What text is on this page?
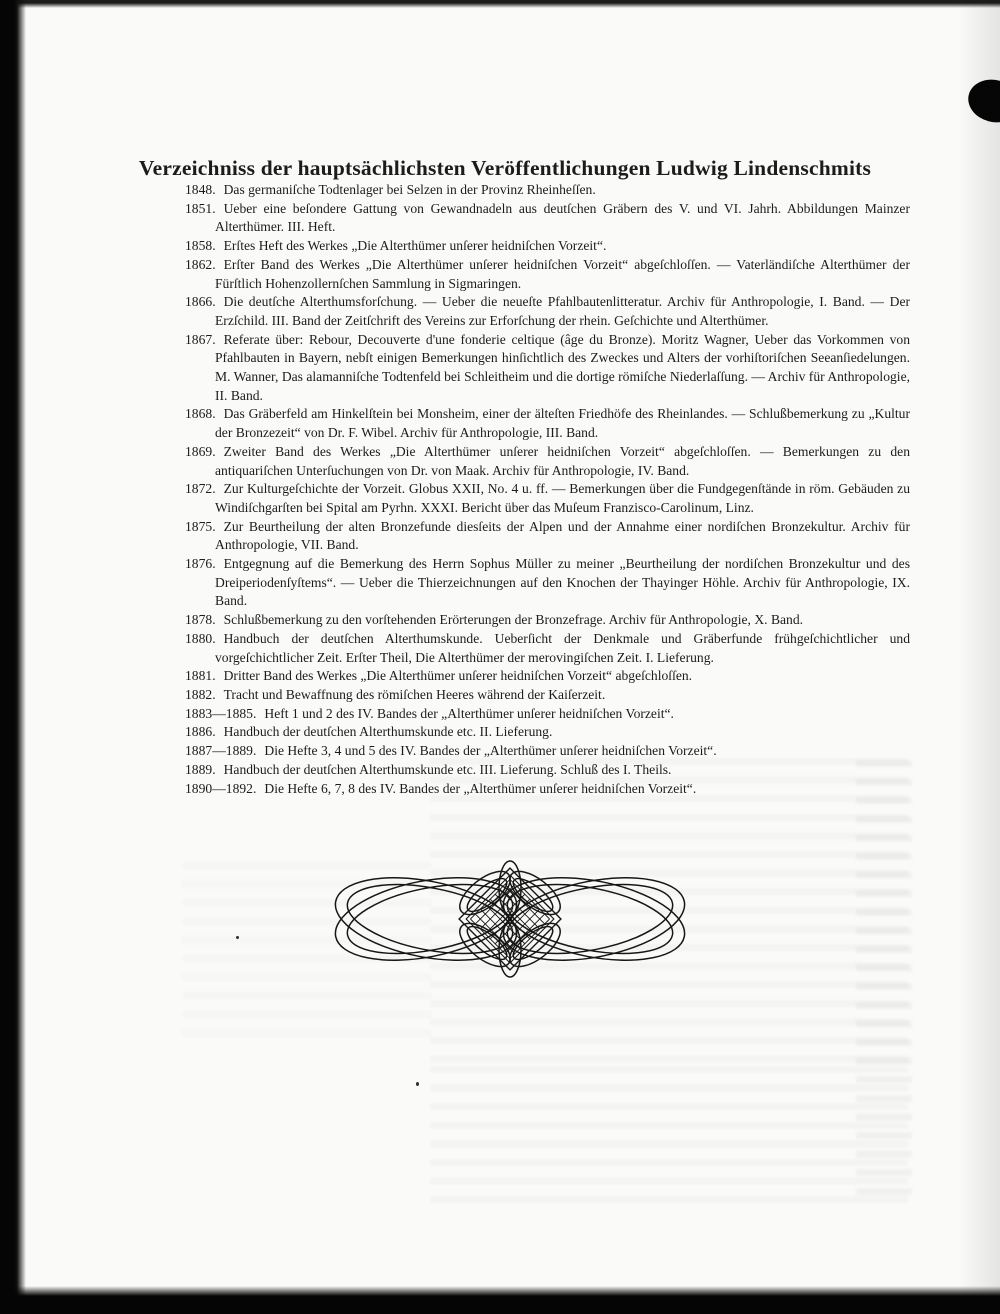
Verzeichniss der hauptsächlichsten Veröffentlichungen Ludwig Lindenschmits
1848. Das germaniſche Todtenlager bei Selzen in der Provinz Rheinheſſen.
1851. Ueber eine beſondere Gattung von Gewandnadeln aus deutſchen Gräbern des V. und VI. Jahrh. Abbildungen Mainzer Alterthümer. III. Heft.
1858. Erſtes Heft des Werkes „Die Alterthümer unſerer heidniſchen Vorzeit“.
1862. Erſter Band des Werkes „Die Alterthümer unſerer heidniſchen Vorzeit“ abgeſchloſſen. — Vaterländiſche Alterthümer der Fürſtlich Hohenzollernſchen Sammlung in Sigmaringen.
1866. Die deutſche Alterthumsforſchung. — Ueber die neueſte Pfahlbautenlitteratur. Archiv für Anthropologie, I. Band. — Der Erzſchild. III. Band der Zeitſchrift des Vereins zur Erforſchung der rhein. Geſchichte und Alterthümer.
1867. Referate über: Rebour, Decouverte d'une fonderie celtique (âge du Bronze). Moritz Wagner, Ueber das Vorkommen von Pfahlbauten in Bayern, nebſt einigen Bemerkungen hinſichtlich des Zweckes und Alters der vorhiſtoriſchen Seeanſiedelungen. M. Wanner, Das alamanniſche Todtenfeld bei Schleitheim und die dortige römiſche Niederlaſſung. — Archiv für Anthropologie, II. Band.
1868. Das Gräberfeld am Hinkelſtein bei Monsheim, einer der älteſten Friedhöfe des Rheinlandes. — Schlußbemerkung zu „Kultur der Bronzezeit“ von Dr. F. Wibel. Archiv für Anthropologie, III. Band.
1869. Zweiter Band des Werkes „Die Alterthümer unſerer heidniſchen Vorzeit“ abgeſchloſſen. — Bemerkungen zu den antiquariſchen Unterſuchungen von Dr. von Maak. Archiv für Anthropologie, IV. Band.
1872. Zur Kulturgeſchichte der Vorzeit. Globus XXII, No. 4 u. ff. — Bemerkungen über die Fundgegenſtände in röm. Gebäuden zu Windiſchgarſten bei Spital am Pyrhn. XXXI. Bericht über das Muſeum Franzisco-Carolinum, Linz.
1875. Zur Beurtheilung der alten Bronzefunde diesſeits der Alpen und der Annahme einer nordiſchen Bronzekultur. Archiv für Anthropologie, VII. Band.
1876. Entgegnung auf die Bemerkung des Herrn Sophus Müller zu meiner „Beurtheilung der nordiſchen Bronzekultur und des Dreiperiodenſyſtems“. — Ueber die Thierzeichnungen auf den Knochen der Thayinger Höhle. Archiv für Anthropologie, IX. Band.
1878. Schlußbemerkung zu den vorſtehenden Erörterungen der Bronzefrage. Archiv für Anthropologie, X. Band.
1880. Handbuch der deutſchen Alterthumskunde. Ueberſicht der Denkmale und Gräberfunde frühgeſchichtlicher und vorgeſchichtlicher Zeit. Erſter Theil, Die Alterthümer der merovingiſchen Zeit. I. Lieferung.
1881. Dritter Band des Werkes „Die Alterthümer unſerer heidniſchen Vorzeit“ abgeſchloſſen.
1882. Tracht und Bewaffnung des römiſchen Heeres während der Kaiſerzeit.
1883—1885. Heft 1 und 2 des IV. Bandes der „Alterthümer unſerer heidniſchen Vorzeit“.
1886. Handbuch der deutſchen Alterthumskunde etc. II. Lieferung.
1887—1889. Die Hefte 3, 4 und 5 des IV. Bandes der „Alterthümer unſerer heidniſchen Vorzeit“.
1889. Handbuch der deutſchen Alterthumskunde etc. III. Lieferung. Schluß des I. Theils.
1890—1892. Die Hefte 6, 7, 8 des IV. Bandes der „Alterthümer unſerer heidniſchen Vorzeit“.
